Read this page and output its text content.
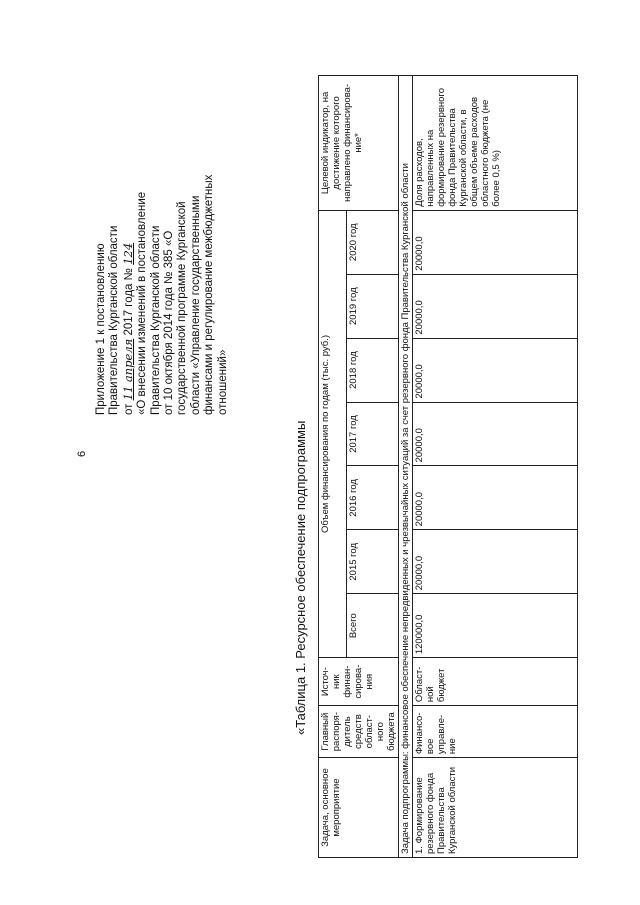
6
Приложение 1 к постановлению Правительства Курганской области от 11 апреля 2017 года № 124 «О внесении изменений в постановление Правительства Курганской области от 10 октября 2014 года № 385 «О государственной программе Курганской области «Управление государственными финансами и регулирование межбюджетных отношений»
«Таблица 1. Ресурсное обеспечение подпрограммы
Задача, основное мероприятие	Главный распоря-дитель средств област-ного бюджета	Источ-ник финан-сирова-ния	Объем финансирования по годам (тыс. руб.)							Целевой индикатор, на достижение которого направлено финансирова-ние*
			Всего	2015 год	2016 год	2017 год	2018 год	2019 год	2020 год	
Задача подпрограммы: финансовое обеспечение непредвиденных и чрезвычайных ситуаций за счет резервного фонда Правительства Курганской области										
1. Формирование резервного фонда Правительства Курганской области	Финансо-вое управле-ние	Област-ной бюджет	120000,0	20000,0	20000,0	20000,0	20000,0	20000,0	20000,0	Доля расходов, направленных на формирование резервного фонда Правительства Курганской области, в общем объеме расходов областного бюджета (не более 0,5 %)
